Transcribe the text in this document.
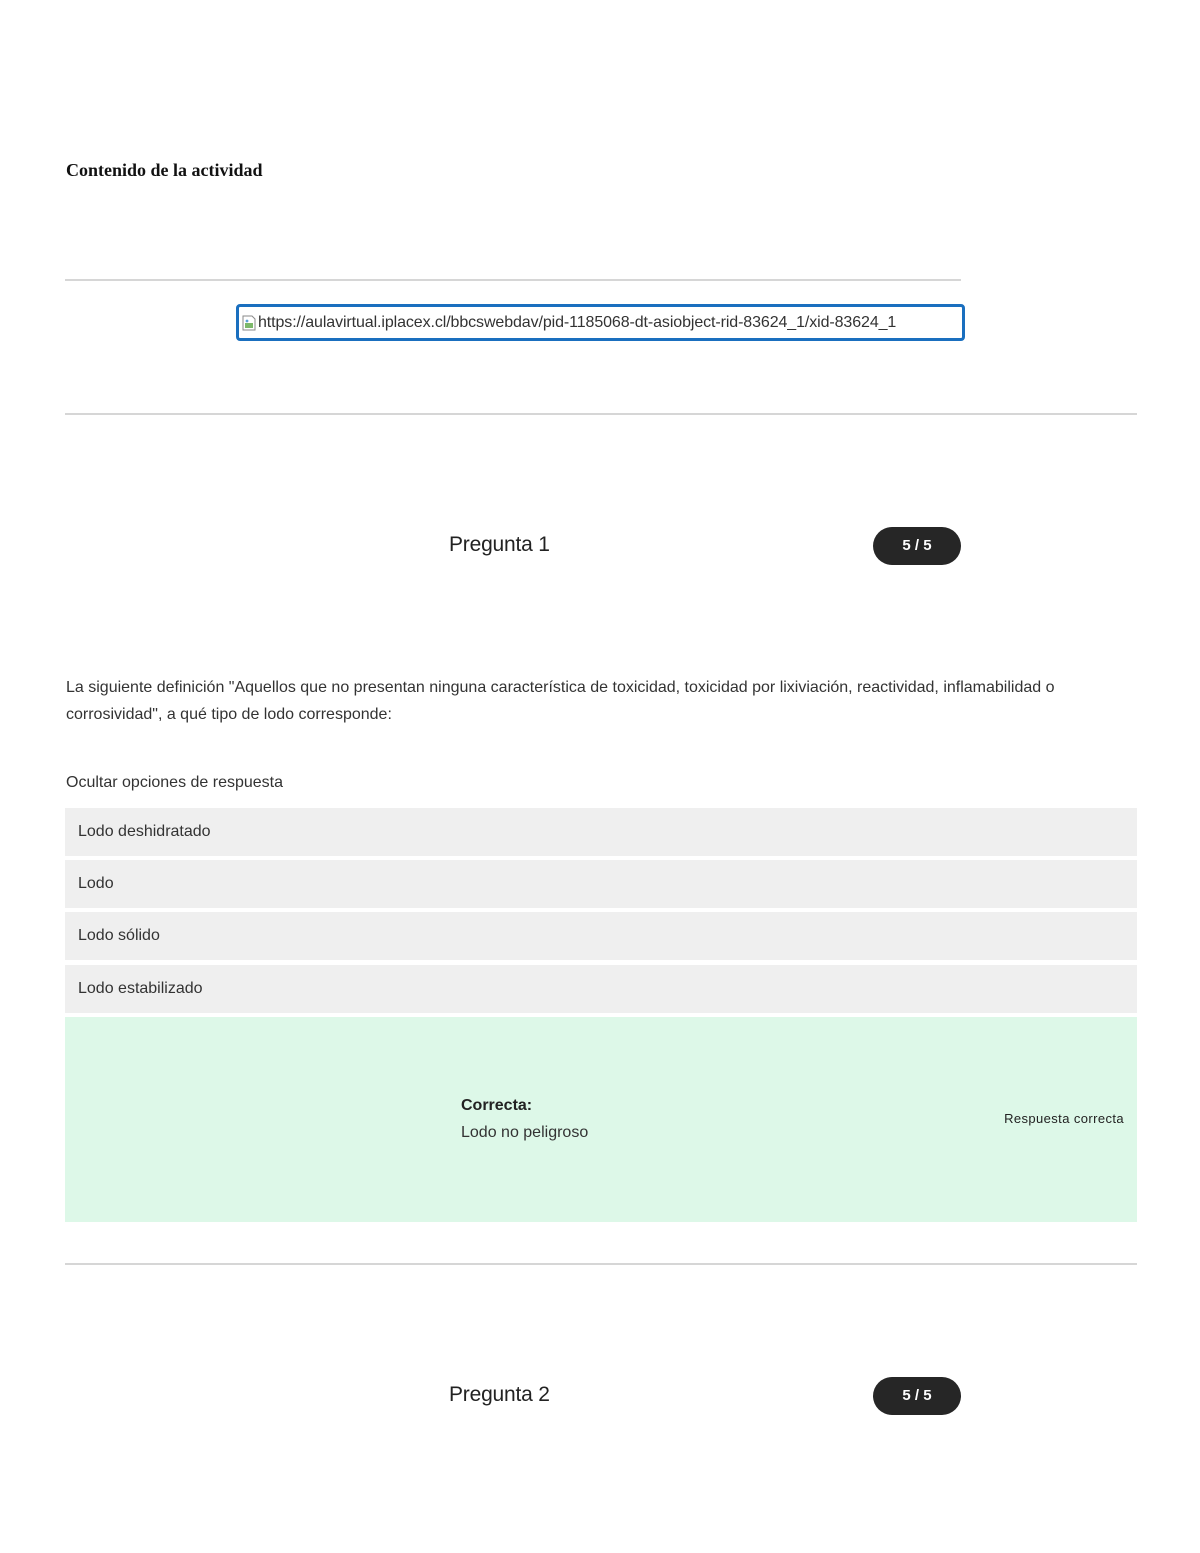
Contenido de la actividad
https://aulavirtual.iplacex.cl/bbcswebdav/pid-1185068-dt-asiobject-rid-83624_1/xid-83624_1
Pregunta 1	5 / 5

La siguiente definición "Aquellos que no presentan ninguna característica de toxicidad, toxicidad por lixiviación, reactividad, inflamabilidad o corrosividad", a qué tipo de lodo corresponde:

Ocultar opciones de respuesta
Lodo deshidratado
Lodo
Lodo sólido
Lodo estabilizado
Correcta:
Lodo no peligroso
Respuesta correcta
Pregunta 2	5 / 5
